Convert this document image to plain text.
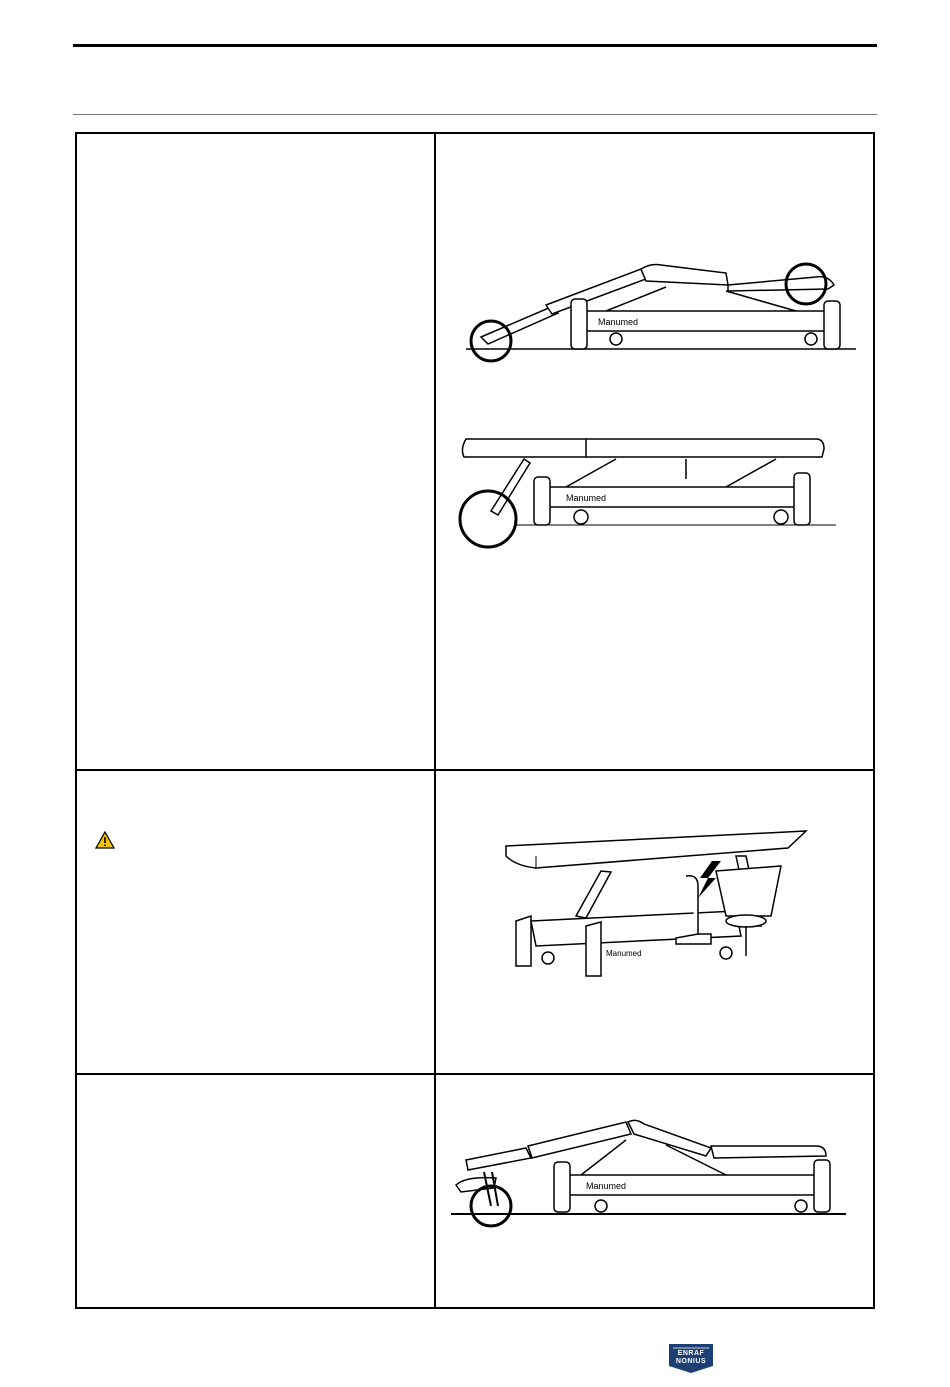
Manumed
Manumed
Manumed
Manumed
ENRAF
NONIUS
